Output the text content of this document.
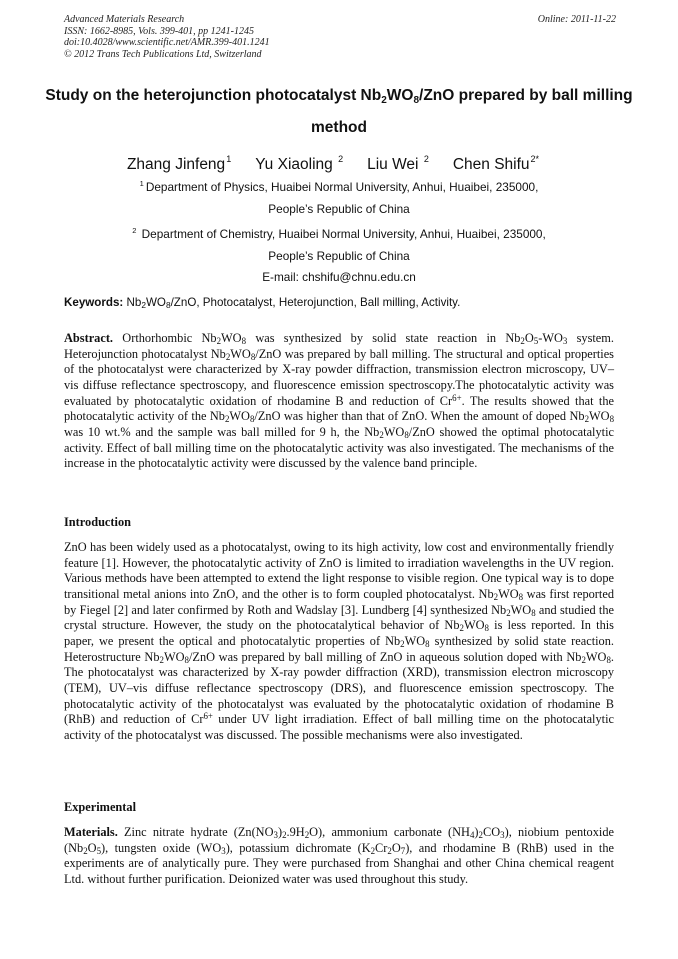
Advanced Materials Research
ISSN: 1662-8985, Vols. 399-401, pp 1241-1245
doi:10.4028/www.scientific.net/AMR.399-401.1241
© 2012 Trans Tech Publications Ltd, Switzerland
Online: 2011-11-22
Study on the heterojunction photocatalyst $Nb_2WO_8$/ZnO prepared by ball milling method
Zhang Jinfeng$^1$ Yu Xiaoling $^2$ Liu Wei $^2$ Chen Shifu$^{2*}$
$^1$ Department of Physics, Huaibei Normal University, Anhui, Huaibei, 235000,
People’s Republic of China
$^2$ Department of Chemistry, Huaibei Normal University, Anhui, Huaibei, 235000,
People’s Republic of China
E-mail: chshifu@chnu.edu.cn
Keywords: $Nb_2WO_8$/ZnO, Photocatalyst, Heterojunction, Ball milling, Activity.
Abstract. Orthorhombic $Nb_2WO_8$ was synthesized by solid state reaction in $Nb_2O_5-WO_3$ system. Heterojunction photocatalyst $Nb_2WO_8$/ZnO was prepared by ball milling. The structural and optical properties of the photocatalyst were characterized by X-ray powder diffraction, transmission electron microscopy, UV–vis diffuse reflectance spectroscopy, and fluorescence emission spectroscopy.The photocatalytic activity was evaluated by photocatalytic oxidation of rhodamine B and reduction of $Cr^{6+}$. The results showed that the photocatalytic activity of the $Nb_2WO_8$/ZnO was higher than that of ZnO. When the amount of doped $Nb_2WO_8$ was 10 wt.% and the sample was ball milled for 9 h, the $Nb_2WO_8$/ZnO showed the optimal photocatalytic activity. Effect of ball milling time on the photocatalytic activity was also investigated. The mechanisms of the increase in the photocatalytic activity were discussed by the valence band principle.
Introduction
ZnO has been widely used as a photocatalyst, owing to its high activity, low cost and environmentally friendly feature [1]. However, the photocatalytic activity of ZnO is limited to irradiation wavelengths in the UV region. Various methods have been attempted to extend the light response to visible region. One typical way is to dope transitional metal anions into ZnO, and the other is to form coupled photocatalyst. $Nb_2WO_8$ was first reported by Fiegel [2] and later confirmed by Roth and Wadslay [3]. Lundberg [4] synthesized $Nb_2WO_8$ and studied the crystal structure. However, the study on the photocatalytical behavior of $Nb_2WO_8$ is less reported. In this paper, we present the optical and photocatalytic properties of $Nb_2WO_8$ synthesized by solid state reaction. Heterostructure $Nb_2WO_8$/ZnO was prepared by ball milling of ZnO in aqueous solution doped with $Nb_2WO_8$. The photocatalyst was characterized by X-ray powder diffraction (XRD), transmission electron microscopy (TEM), UV–vis diffuse reflectance spectroscopy (DRS), and fluorescence emission spectroscopy. The photocatalytic activity of the photocatalyst was evaluated by the photocatalytic oxidation of rhodamine B (RhB) and reduction of $Cr^{6+}$ under UV light irradiation. Effect of ball milling time on the photocatalytic activity of the photocatalyst was discussed. The possible mechanisms were also investigated.
Experimental
Materials. Zinc nitrate hydrate $(Zn(NO_3)_2.9H_2O)$, ammonium carbonate $(NH_4)_2CO_3$), niobium pentoxide $(Nb_2O_5)$, tungsten oxide $(WO_3)$, potassium dichromate $(K_2Cr_2O_7)$, and rhodamine B (RhB) used in the experiments are of analytically pure. They were purchased from Shanghai and other China chemical reagent Ltd. without further purification. Deionized water was used throughout this study.
